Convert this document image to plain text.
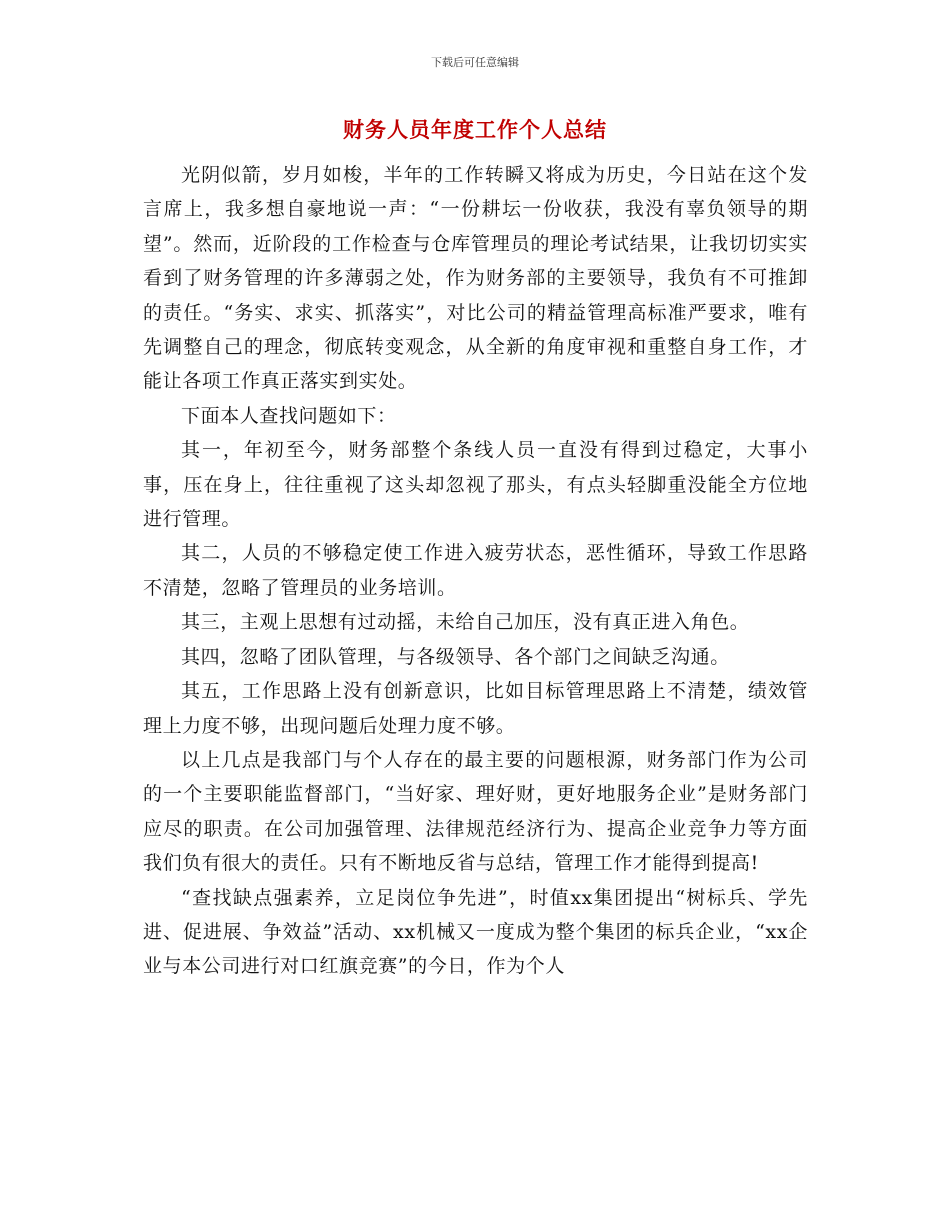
下载后可任意编辑
财务人员年度工作个人总结

光阴似箭，岁月如梭，半年的工作转瞬又将成为历史，今日站在这个发言席上，我多想自豪地说一声：“一份耕坛一份收获，我没有辜负领导的期望”。然而，近阶段的工作检查与仓库管理员的理论考试结果，让我切切实实看到了财务管理的许多薄弱之处，作为财务部的主要领导，我负有不可推卸的责任。“务实、求实、抓落实”，对比公司的精益管理高标准严要求，唯有先调整自己的理念，彻底转变观念，从全新的角度审视和重整自身工作，才能让各项工作真正落实到实处。

下面本人查找问题如下：

其一，年初至今，财务部整个条线人员一直没有得到过稳定，大事小事，压在身上，往往重视了这头却忽视了那头，有点头轻脚重没能全方位地进行管理。

其二，人员的不够稳定使工作进入疲劳状态，恶性循环，导致工作思路不清楚，忽略了管理员的业务培训。

其三，主观上思想有过动摇，未给自己加压，没有真正进入角色。

其四，忽略了团队管理，与各级领导、各个部门之间缺乏沟通。

其五，工作思路上没有创新意识，比如目标管理思路上不清楚，绩效管理上力度不够，出现问题后处理力度不够。

以上几点是我部门与个人存在的最主要的问题根源，财务部门作为公司的一个主要职能监督部门，“当好家、理好财，更好地服务企业”是财务部门应尽的职责。在公司加强管理、法律规范经济行为、提高企业竞争力等方面我们负有很大的责任。只有不断地反省与总结，管理工作才能得到提高!

“查找缺点强素养，立足岗位争先进”，时值xx集团提出“树标兵、学先进、促进展、争效益”活动、xx机械又一度成为整个集团的标兵企业，“xx企业与本公司进行对口红旗竞赛”的今日，作为个人
